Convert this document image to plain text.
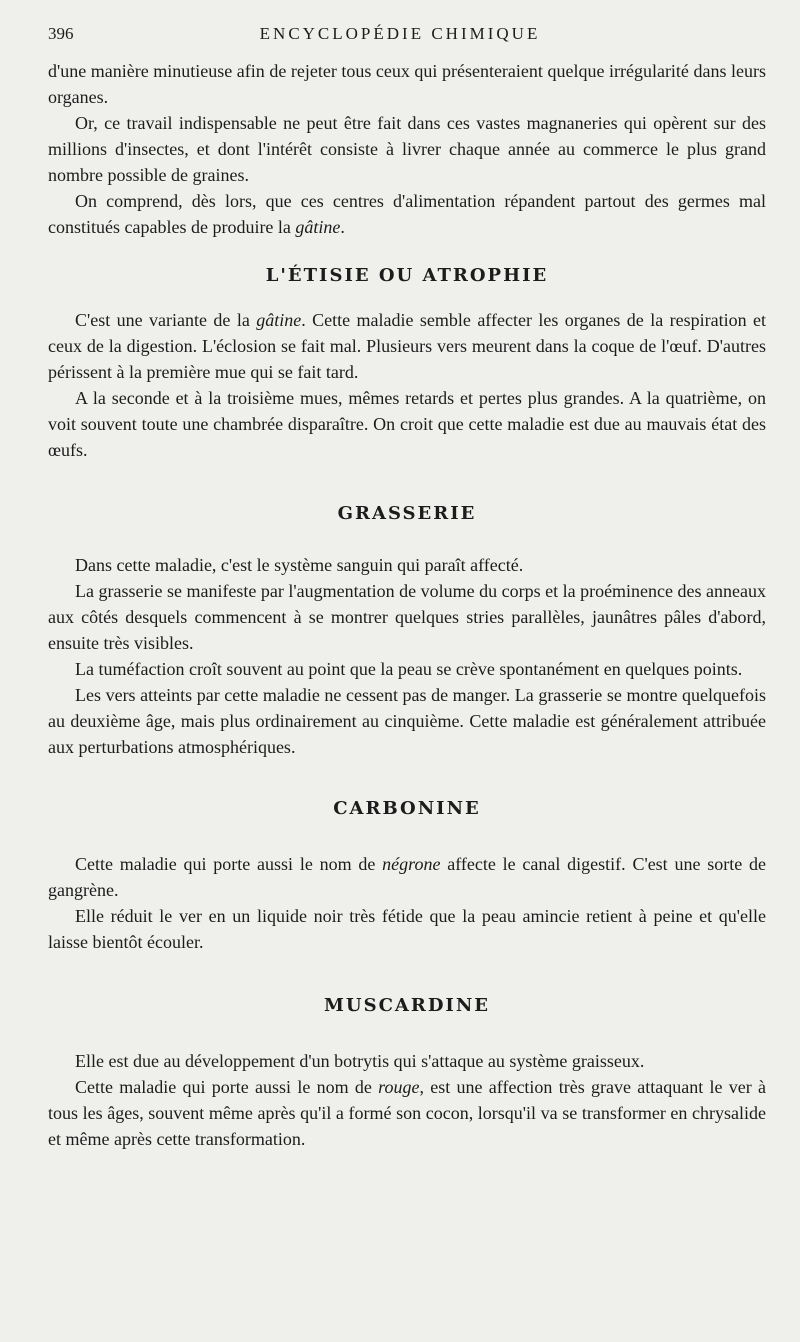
396	ENCYCLOPÉDIE CHIMIQUE

d'une manière minutieuse afin de rejeter tous ceux qui présenteraient quelque irrégularité dans leurs organes.

Or, ce travail indispensable ne peut être fait dans ces vastes magnaneries qui opèrent sur des millions d'insectes, et dont l'intérêt consiste à livrer chaque année au commerce le plus grand nombre possible de graines.

On comprend, dès lors, que ces centres d'alimentation répandent partout des germes mal constitués capables de produire la gâtine.

L'ÉTISIE OU ATROPHIE

C'est une variante de la gâtine. Cette maladie semble affecter les organes de la respiration et ceux de la digestion. L'éclosion se fait mal. Plusieurs vers meurent dans la coque de l'œuf. D'autres périssent à la première mue qui se fait tard.

A la seconde et à la troisième mues, mêmes retards et pertes plus grandes. A la quatrième, on voit souvent toute une chambrée disparaître. On croit que cette maladie est due au mauvais état des œufs.

GRASSERIE

Dans cette maladie, c'est le système sanguin qui paraît affecté.

La grasserie se manifeste par l'augmentation de volume du corps et la proéminence des anneaux aux côtés desquels commencent à se montrer quelques stries parallèles, jaunâtres pâles d'abord, ensuite très visibles.

La tuméfaction croît souvent au point que la peau se crève spontanément en quelques points.

Les vers atteints par cette maladie ne cessent pas de manger. La grasserie se montre quelquefois au deuxième âge, mais plus ordinairement au cinquième. Cette maladie est généralement attribuée aux perturbations atmosphériques.

CARBONINE

Cette maladie qui porte aussi le nom de négrone affecte le canal digestif. C'est une sorte de gangrène.

Elle réduit le ver en un liquide noir très fétide que la peau amincie retient à peine et qu'elle laisse bientôt écouler.

MUSCARDINE

Elle est due au développement d'un botrytis qui s'attaque au système graisseux.

Cette maladie qui porte aussi le nom de rouge, est une affection très grave attaquant le ver à tous les âges, souvent même après qu'il a formé son cocon, lorsqu'il va se transformer en chrysalide et même après cette transformation.
